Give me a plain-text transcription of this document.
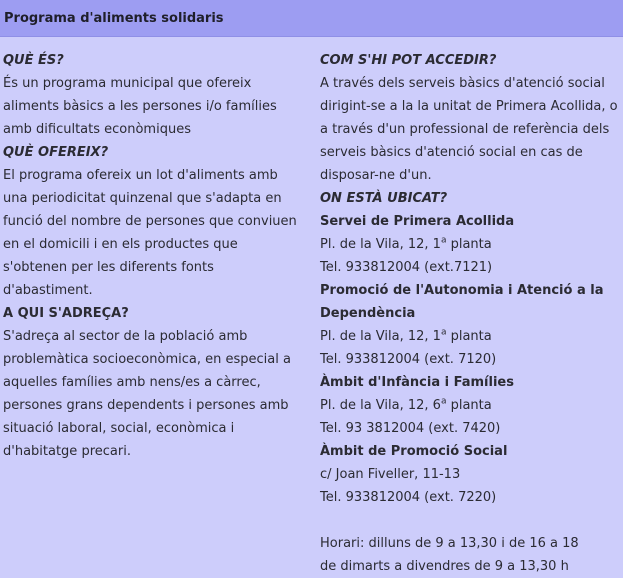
Programa d'aliments solidaris
QUÈ ÉS?
És un programa municipal que ofereix aliments bàsics a les persones i/o famílies amb dificultats econòmiques
QUÈ OFEREIX?
El programa ofereix un lot d'aliments amb una periodicitat quinzenal que s'adapta en funció del nombre de persones que conviuen en el domicili i en els productes que s'obtenen per les diferents fonts d'abastiment.
A QUI S'ADREÇA?
S'adreça al sector de la població amb problemàtica socioeconòmica, en especial a aquelles famílies amb nens/es a càrrec, persones grans dependents i persones amb situació laboral, social, econòmica i d'habitatge precari.
COM S'HI POT ACCEDIR?
A través dels serveis bàsics d'atenció social dirigint-se a la la unitat de Primera Acollida, o a través d'un professional de referència dels serveis bàsics d'atenció social en cas de disposar-ne d'un.
ON ESTÀ UBICAT?
Servei de Primera Acollida
Pl. de la Vila, 12, 1$^a$ planta
Tel. 933812004 (ext.7121)
Promoció de l'Autonomia i Atenció a la Dependència
Pl. de la Vila, 12, 1$^a$ planta
Tel. 933812004 (ext. 7120)
Àmbit d'Infància i Famílies
Pl. de la Vila, 12, 6$^a$ planta
Tel. 93 3812004 (ext. 7420)
Àmbit de Promoció Social
c/ Joan Fiveller, 11-13
Tel. 933812004 (ext. 7220)
Horari: dilluns de 9 a 13,30 i de 16 a 18
de dimarts a divendres de 9 a 13,30 h
